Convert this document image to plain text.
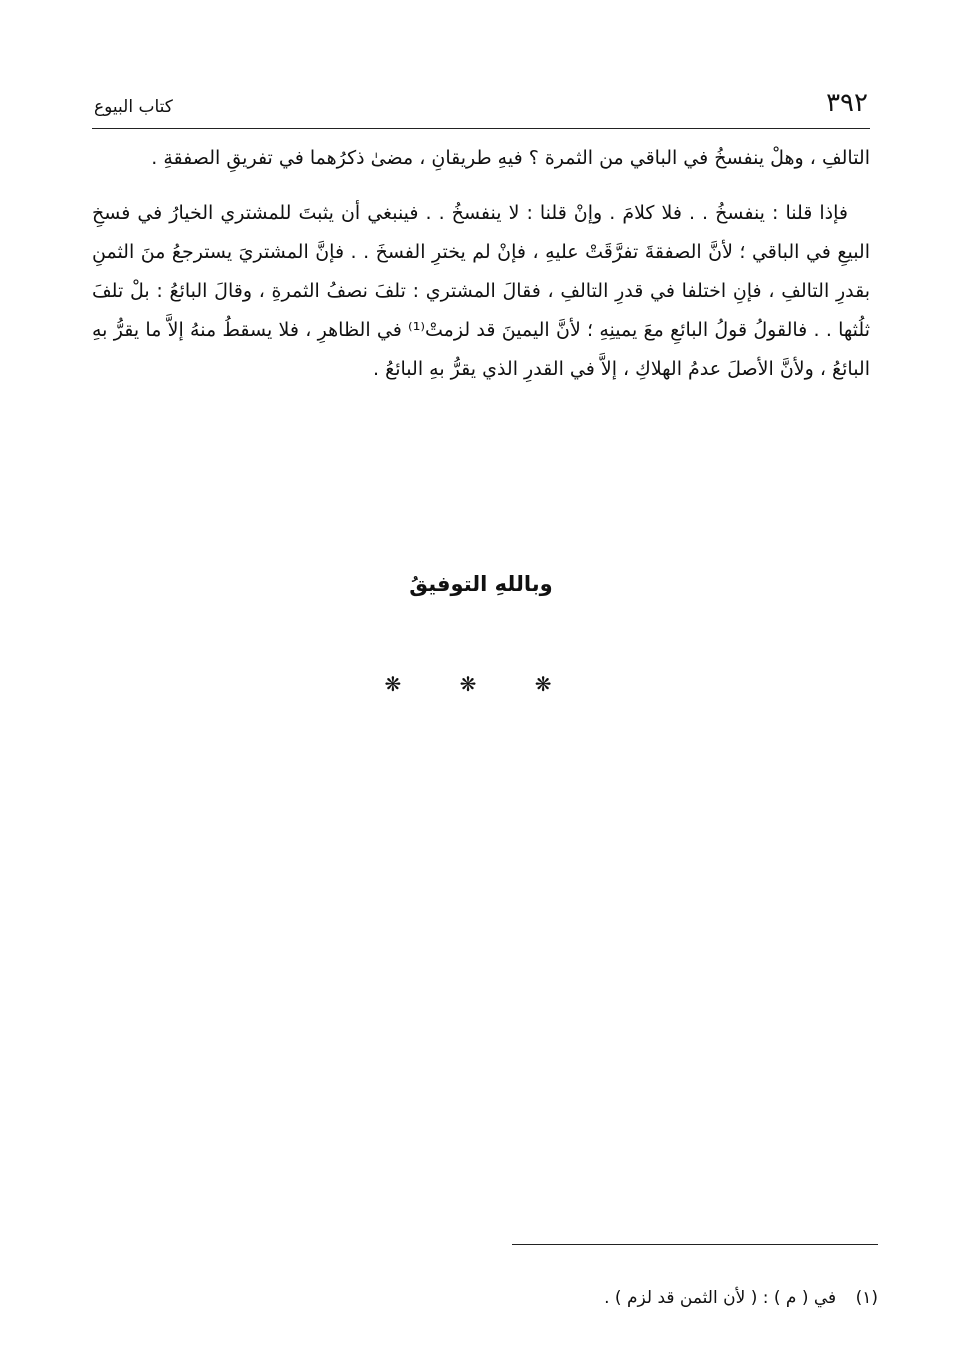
٣٩٢
كتاب البيوع

التالفِ ، وهلْ ينفسخُ في الباقي من الثمرة ؟ فيهِ طريقانِ ، مضىٰ ذكرُهما في تفريقِ الصفقةِ .

فإذا قلنا : ينفسخُ . . فلا كلامَ . وإنْ قلنا : لا ينفسخُ . . فينبغي أن يثبتَ للمشتري الخيارُ في فسخِ البيعِ في الباقي ؛ لأنَّ الصفقةَ تفرَّقَتْ عليهِ ، فإنْ لم يخترِ الفسخَ . . فإنَّ المشتريَ يسترجعُ منَ الثمنِ بقدرِ التالفِ ، فإنِ اختلفا في قدرِ التالفِ ، فقالَ المشتري : تلفَ نصفُ الثمرةِ ، وقالَ البائعُ : بلْ تلفَ ثلُثها . . فالقولُ قولُ البائعِ معَ يمينِهِ ؛ لأنَّ اليمينَ قد لزمتْ⁽¹⁾ في الظاهرِ ، فلا يسقطُ منهُ إلاَّ ما يقرُّ بهِ البائعُ ، ولأنَّ الأصلَ عدمُ الهلاكِ ، إلاَّ في القدرِ الذي يقرُّ بهِ البائعُ .

وباللهِ التوفيقُ
❋ ❋ ❋
(١) في ( م ) : ( لأن الثمن قد لزم ) .
